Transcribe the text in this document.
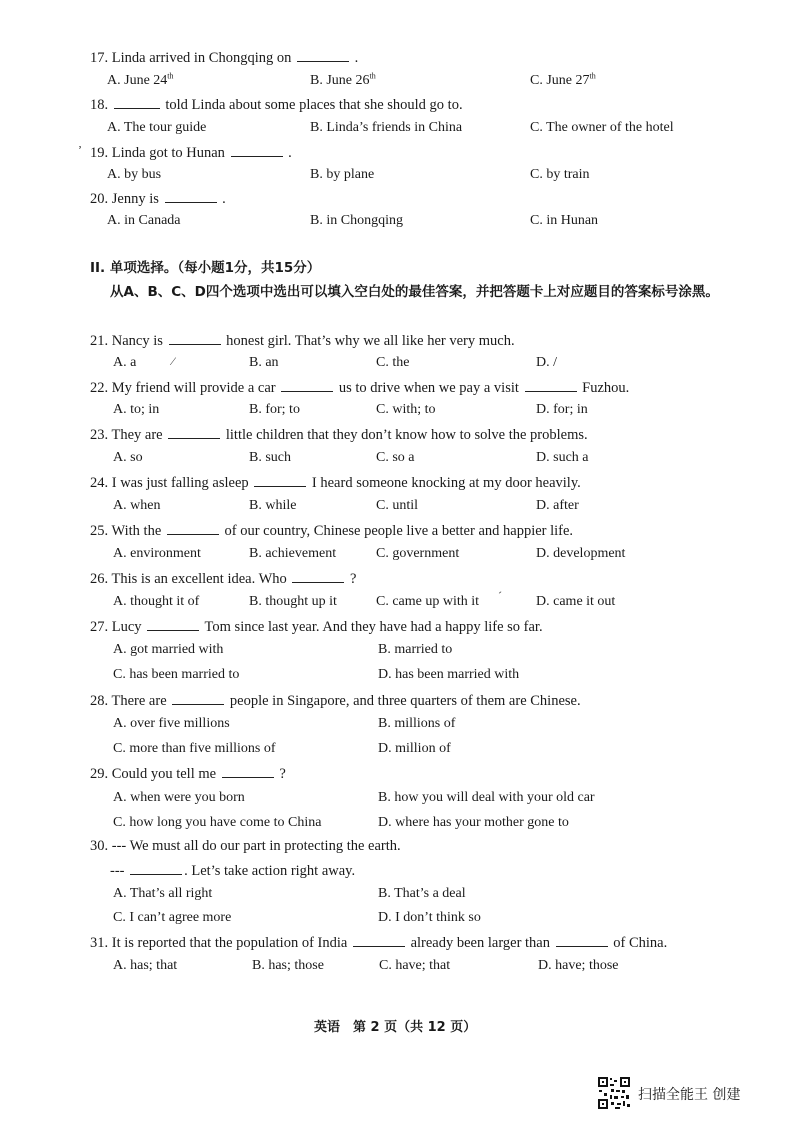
II. 单项选择。（每小题1分，共15分）
从A、B、C、D四个选项中选出可以填入空白处的最佳答案，并把答题卡上对应题目的答案标号涂黑。
17. Linda arrived in Chongqing on	.
A. June 24th	B. June 26th	C. June 27th
18.	told Linda about some places that she should go to.
A. The tour guide	B. Linda’s friends in China	C. The owner of the hotel
19. Linda got to Hunan	.
A. by bus	B. by plane	C. by train
20. Jenny is	.
A. in Canada	B. in Chongqing	C. in Hunan
21. Nancy is	honest girl. That’s why we all like her very much.
A. a	B. an	C. the	D. /
22. My friend will provide a car	us to drive when we pay a visit	Fuzhou.
A. to; in	B. for; to	C. with; to	D. for; in
23. They are	little children that they don’t know how to solve the problems.
A. so	B. such	C. so a	D. such a
24. I was just falling asleep	I heard someone knocking at my door heavily.
A. when	B. while	C. until	D. after
25. With the	of our country, Chinese people live a better and happier life.
A. environment	B. achievement	C. government	D. development
26. This is an excellent idea. Who	?
A. thought it of	B. thought up it	C. came up with it	D. came it out
27. Lucy	Tom since last year. And they have had a happy life so far.
A. got married with	B. married to
C. has been married to	D. has been married with
28. There are	people in Singapore, and three quarters of them are Chinese.
A. over five millions	B. millions of
C. more than five millions of	D. million of
29. Could you tell me	?
A. when were you born	B. how you will deal with your old car
C. how long you have come to China	D. where has your mother gone to
31. It is reported that the population of India	already been larger than	of China.
A. has; that	B. has; those	C. have; that	D. have; those
30. --- We must all do our part in protecting the earth.
---	. Let’s take action right away.
A. That’s all right	B. That’s a deal
C. I can’t agree more	D. I don’t think so
ʼ
⁄
ˊ
英语　第 2 页（共 12 页）
扫描全能王 创建
